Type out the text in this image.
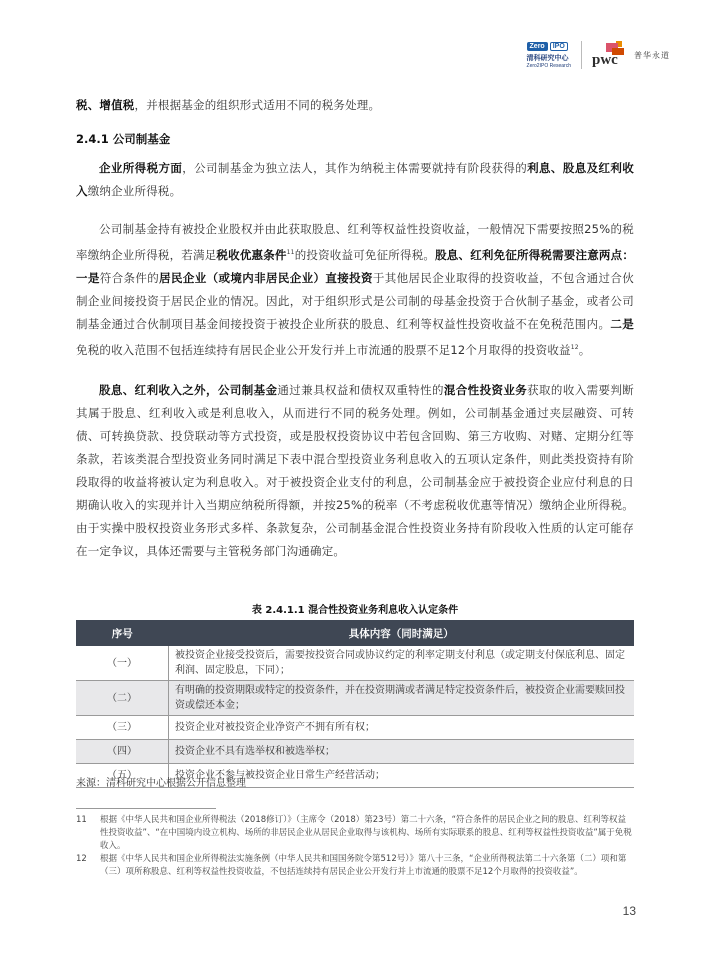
Zero	IPO
清科研究中心
Zero2IPO Research pwc 普华永道

税、增值税，并根据基金的组织形式适用不同的税务处理。

2.4.1 公司制基金

企业所得税方面，公司制基金为独立法人，其作为纳税主体需要就持有阶段获得的利息、股息及红利收入缴纳企业所得税。

公司制基金持有被投企业股权并由此获取股息、红利等权益性投资收益，一般情况下需要按照25%的税率缴纳企业所得税，若满足税收优惠条件$^{11}$的投资收益可免征所得税。股息、红利免征所得税需要注意两点：一是符合条件的居民企业（或境内非居民企业）直接投资于其他居民企业取得的投资收益，不包含通过合伙制企业间接投资于居民企业的情况。因此，对于组织形式是公司制的母基金投资于合伙制子基金，或者公司制基金通过合伙制项目基金间接投资于被投企业所获的股息、红利等权益性投资收益不在免税范围内。二是免税的收入范围不包括连续持有居民企业公开发行并上市流通的股票不足12个月取得的投资收益$^{12}$。

股息、红利收入之外，公司制基金通过兼具权益和债权双重特性的混合性投资业务获取的收入需要判断其属于股息、红利收入或是利息收入，从而进行不同的税务处理。例如，公司制基金通过夹层融资、可转债、可转换贷款、投贷联动等方式投资，或是股权投资协议中若包含回购、第三方收购、对赌、定期分红等条款，若该类混合型投资业务同时满足下表中混合型投资业务利息收入的五项认定条件，则此类投资持有阶段取得的收益将被认定为利息收入。对于被投资企业支付的利息，公司制基金应于被投资企业应付利息的日期确认收入的实现并计入当期应纳税所得额，并按25%的税率（不考虑税收优惠等情况）缴纳企业所得税。由于实操中股权投资业务形式多样、条款复杂，公司制基金混合性投资业务持有阶段收入性质的认定可能存在一定争议，具体还需要与主管税务部门沟通确定。

表 2.4.1.1 混合性投资业务利息收入认定条件
序号	具体内容（同时满足）
（一）	被投资企业接受投资后，需要按投资合同或协议约定的利率定期支付利息（或定期支付保底利息、固定利润、固定股息，下同）；
（二）	有明确的投资期限或特定的投资条件，并在投资期满或者满足特定投资条件后，被投资企业需要赎回投资或偿还本金；
（三）	投资企业对被投资企业净资产不拥有所有权；
（四）	投资企业不具有选举权和被选举权；
（五）	投资企业不参与被投资企业日常生产经营活动；
来源：清科研究中心根据公开信息整理
11	根据《中华人民共和国企业所得税法（2018修订）》（主席令（2018）第23号）第二十六条，“符合条件的居民企业之间的股息、红利等权益性投资收益”、“在中国境内设立机构、场所的非居民企业从居民企业取得与该机构、场所有实际联系的股息、红利等权益性投资收益”属于免税收入。
12	根据《中华人民共和国企业所得税法实施条例（中华人民共和国国务院令第512号）》第八十三条，“企业所得税法第二十六条第（二）项和第（三）项所称股息、红利等权益性投资收益，不包括连续持有居民企业公开发行并上市流通的股票不足12个月取得的投资收益”。
13
